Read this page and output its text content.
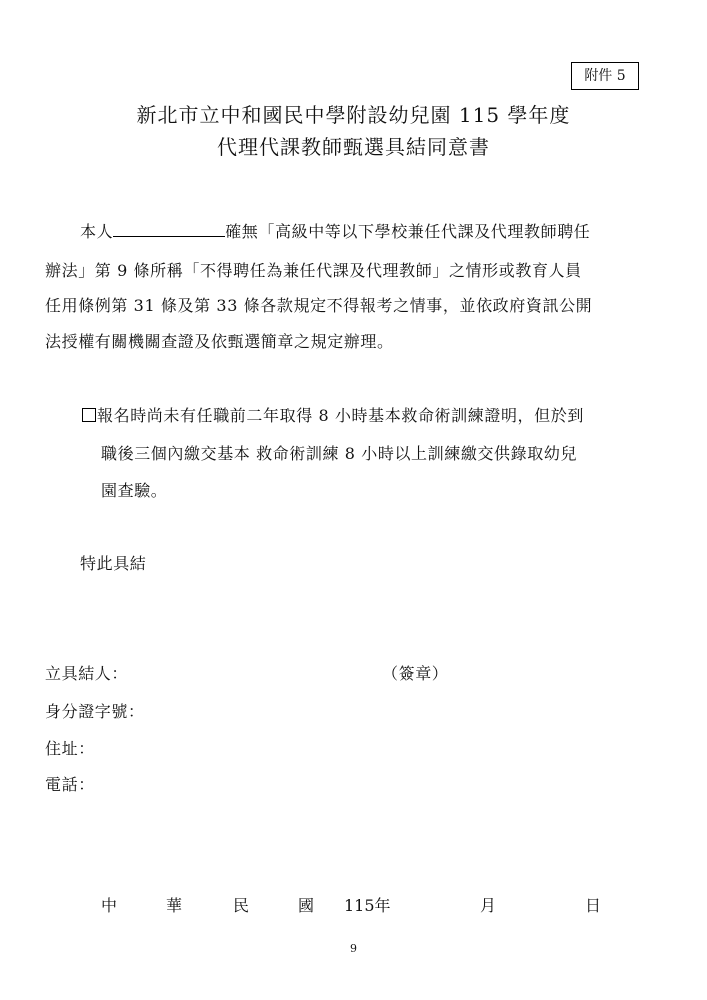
附件 5
新北市立中和國民中學附設幼兒園 115 學年度
代理代課教師甄選具結同意書
本人	確無「高級中等以下學校兼任代課及代理教師聘任
辦法」第 9 條所稱「不得聘任為兼任代課及代理教師」之情形或教育人員
任用條例第 31 條及第 33 條各款規定不得報考之情事，並依政府資訊公開
法授權有關機關查證及依甄選簡章之規定辦理。
報名時尚未有任職前二年取得 8 小時基本救命術訓練證明，但於到
職後三個內繳交基本 救命術訓練 8 小時以上訓練繳交供錄取幼兒
園查驗。
特此具結
立具結人：	（簽章）
身分證字號：
住址：
電話：
中	華	民	國 115年	月	日
9
